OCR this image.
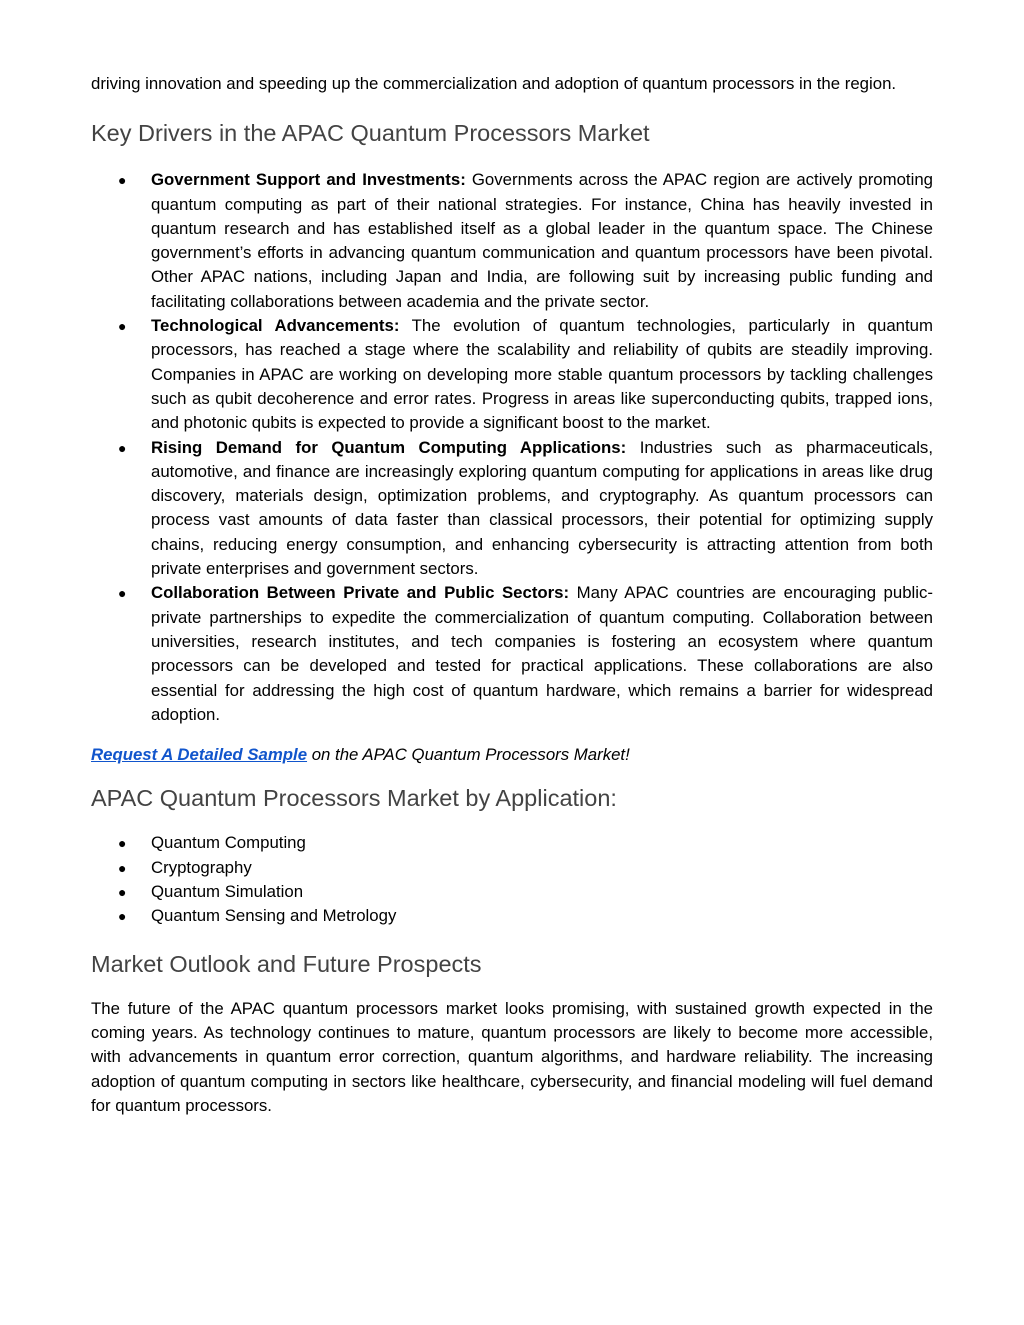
driving innovation and speeding up the commercialization and adoption of quantum processors in the region.

Key Drivers in the APAC Quantum Processors Market
● Government Support and Investments: Governments across the APAC region are actively promoting quantum computing as part of their national strategies. For instance, China has heavily invested in quantum research and has established itself as a global leader in the quantum space. The Chinese government’s efforts in advancing quantum communication and quantum processors have been pivotal. Other APAC nations, including Japan and India, are following suit by increasing public funding and facilitating collaborations between academia and the private sector.
● Technological Advancements: The evolution of quantum technologies, particularly in quantum processors, has reached a stage where the scalability and reliability of qubits are steadily improving. Companies in APAC are working on developing more stable quantum processors by tackling challenges such as qubit decoherence and error rates. Progress in areas like superconducting qubits, trapped ions, and photonic qubits is expected to provide a significant boost to the market.
● Rising Demand for Quantum Computing Applications: Industries such as pharmaceuticals, automotive, and finance are increasingly exploring quantum computing for applications in areas like drug discovery, materials design, optimization problems, and cryptography. As quantum processors can process vast amounts of data faster than classical processors, their potential for optimizing supply chains, reducing energy consumption, and enhancing cybersecurity is attracting attention from both private enterprises and government sectors.
● Collaboration Between Private and Public Sectors: Many APAC countries are encouraging public-private partnerships to expedite the commercialization of quantum computing. Collaboration between universities, research institutes, and tech companies is fostering an ecosystem where quantum processors can be developed and tested for practical applications. These collaborations are also essential for addressing the high cost of quantum hardware, which remains a barrier for widespread adoption.

Request A Detailed Sample on the APAC Quantum Processors Market!

APAC Quantum Processors Market by Application:
● Quantum Computing
● Cryptography
● Quantum Simulation
● Quantum Sensing and Metrology
Market Outlook and Future Prospects

The future of the APAC quantum processors market looks promising, with sustained growth expected in the coming years. As technology continues to mature, quantum processors are likely to become more accessible, with advancements in quantum error correction, quantum algorithms, and hardware reliability. The increasing adoption of quantum computing in sectors like healthcare, cybersecurity, and financial modeling will fuel demand for quantum processors.
